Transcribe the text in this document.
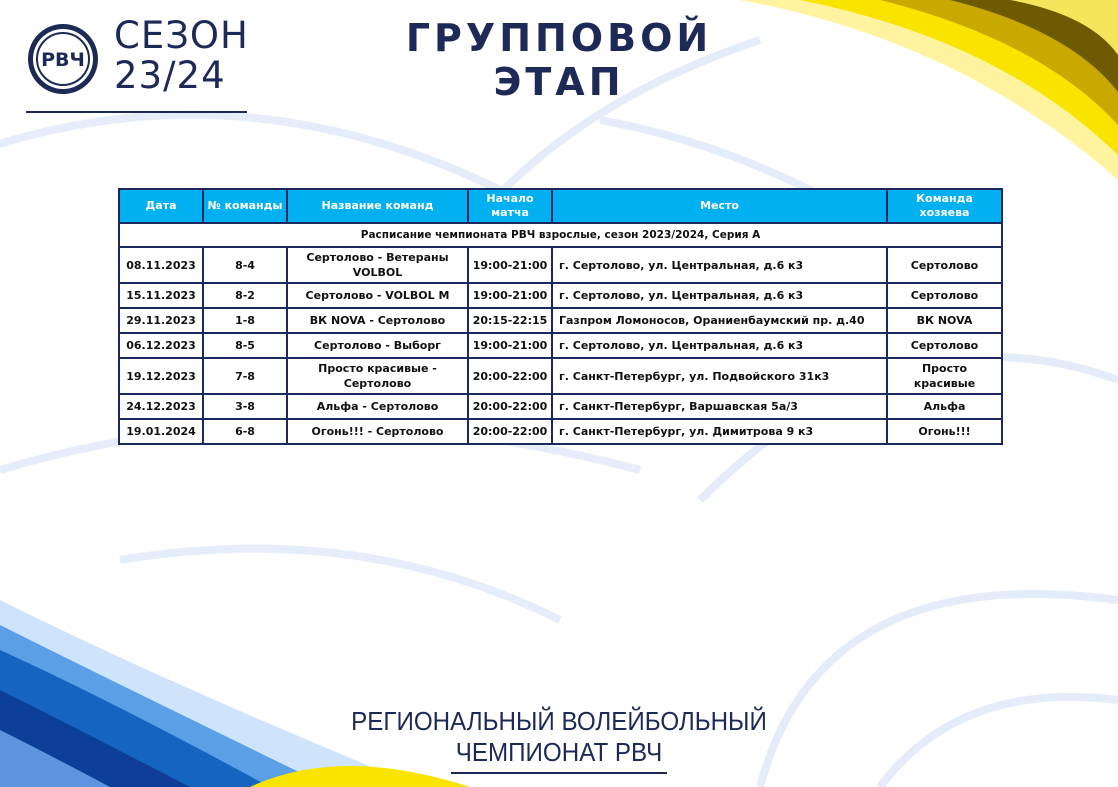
РВЧ
СЕЗОН
23/24
ГРУППОВОЙ
ЭТАП
Расписание чемпионата РВЧ взрослые, сезон 2023/2024, Серия А					
Дата	№ команды	Название команд	Начало матча	Место	Команда хозяева
08.11.2023	8-4	Сертолово - Ветераны VOLBOL	19:00-21:00	г. Сертолово, ул. Центральная, д.6 к3	Сертолово
15.11.2023	8-2	Сертолово - VOLBOL M	19:00-21:00	г. Сертолово, ул. Центральная, д.6 к3	Сертолово
29.11.2023	1-8	ВК NOVA - Сертолово	20:15-22:15	Газпром Ломоносов, Ораниенбаумский пр. д.40	ВК NOVA
06.12.2023	8-5	Сертолово - Выборг	19:00-21:00	г. Сертолово, ул. Центральная, д.6 к3	Сертолово
19.12.2023	7-8	Просто красивые - Сертолово	20:00-22:00	г. Санкт-Петербург, ул. Подвойского 31к3	Просто красивые
24.12.2023	3-8	Альфа - Сертолово	20:00-22:00	г. Санкт-Петербург, Варшавская 5а/3	Альфа
19.01.2024	6-8	Огонь!!! - Сертолово	20:00-22:00	г. Санкт-Петербург, ул. Димитрова 9 к3	Огонь!!!
РЕГИОНАЛЬНЫЙ ВОЛЕЙБОЛЬНЫЙ
ЧЕМПИОНАТ РВЧ
